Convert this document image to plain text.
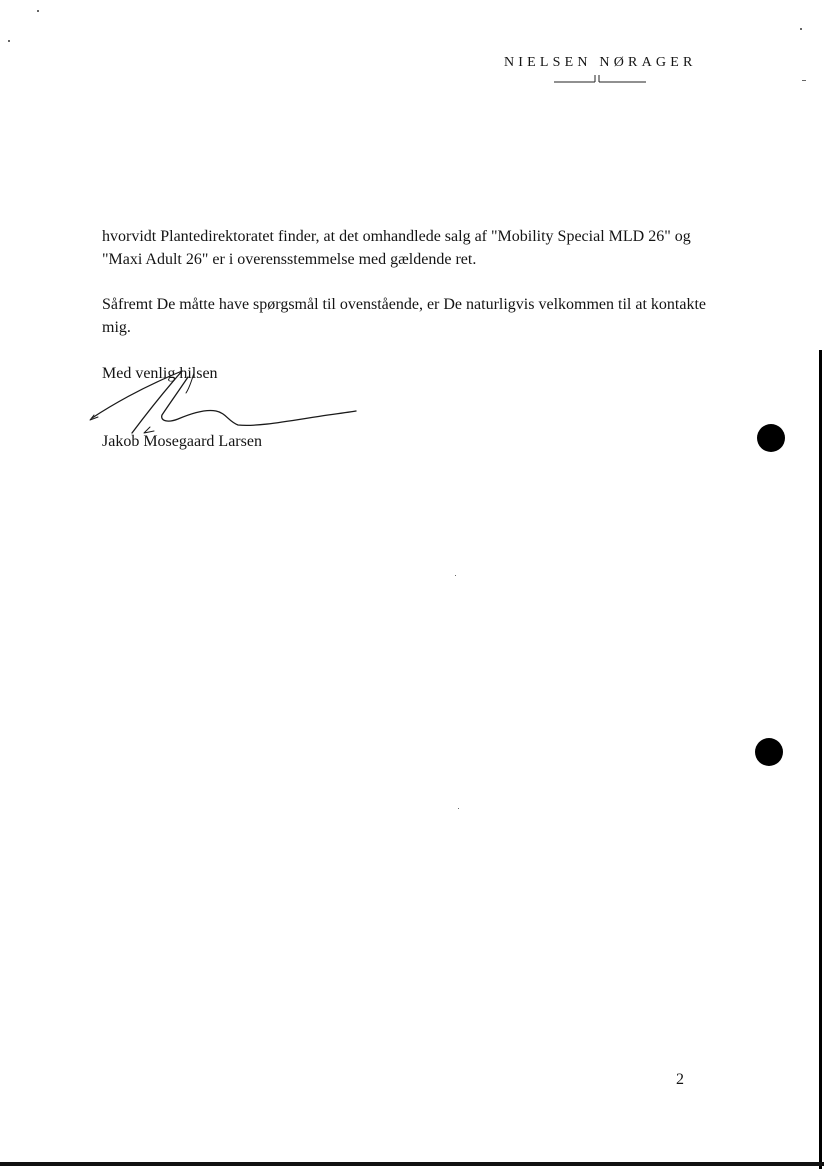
NIELSEN NØRAGER

hvorvidt Plantedirektoratet finder, at det omhandlede salg af "Mobility Special MLD 26" og "Maxi Adult 26" er i overensstemmelse med gældende ret.

Såfremt De måtte have spørgsmål til ovenstående, er De naturligvis velkommen til at kontakte mig.

Med venlig hilsen
Jakob Mosegaard Larsen
2
